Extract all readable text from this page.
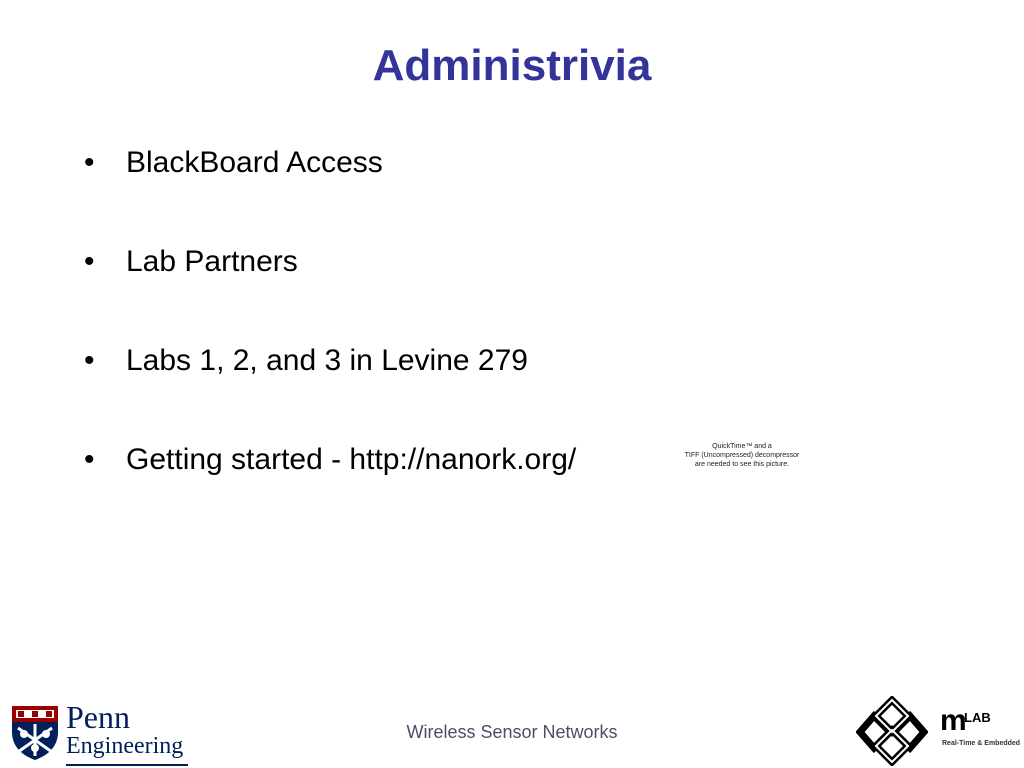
Administrivia
•	BlackBoard Access
•	Lab Partners
•	Labs 1, 2, and 3 in Levine 279
•	Getting started - http://nanork.org/	QuickTime™ and a
TIFF (Uncompressed) decompressor
are needed to see this picture.
Penn
Engineering
Wireless Sensor Networks	m
LAB
Real-Time & Embedded
